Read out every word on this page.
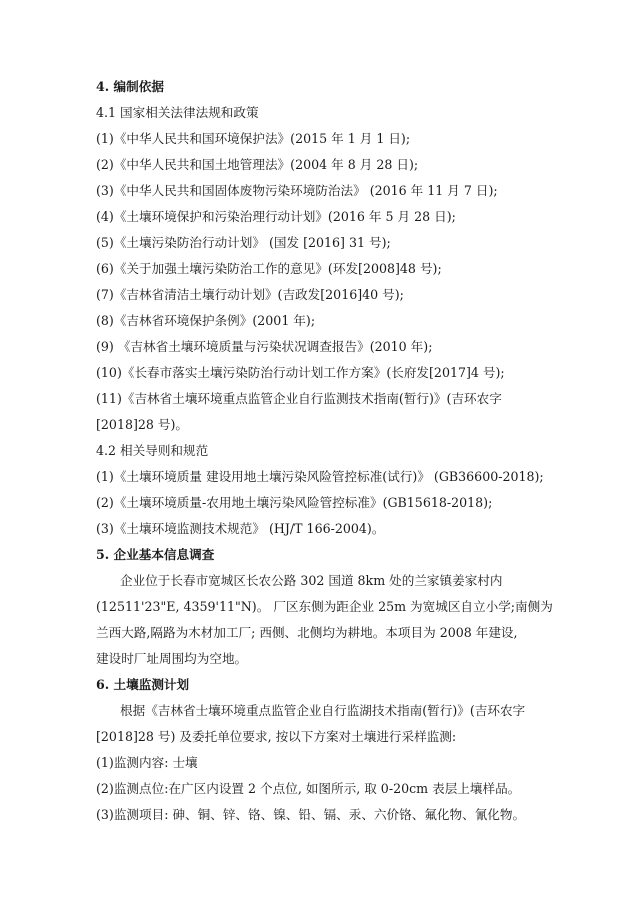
4. 编制依据
4.1 国家相关法律法规和政策
(1)《中华人民共和国环境保护法》(2015 年 1 月 1 日);
(2)《中华人民共和国土地管理法》(2004 年 8 月 28 日);
(3)《中华人民共和国固体废物污染环境防治法》 (2016 年 11 月 7 日);
(4)《土壤环境保护和污染治理行动计划》(2016 年 5 月 28 日);
(5)《土壤污染防治行动计划》 (国发 [2016] 31 号);
(6)《关于加强土壤污染防治工作的意见》(环发[2008]48 号);
(7)《吉林省清洁土壤行动计划》(吉政发[2016]40 号);
(8)《吉林省环境保护条例》(2001 年);
(9) 《吉林省土壤环境质量与污染状况调查报告》(2010 年);
(10)《长春市落实土壤污染防治行动计划工作方案》(长府发[2017]4 号);
(11)《吉林省土壤环境重点监管企业自行监测技术指南(暂行)》(吉环农字
[2018]28 号)。
4.2 相关导则和规范
(1)《土壤环境质量 建设用地土壤污染风险管控标准(试行)》 (GB36600-2018);
(2)《土壤环境质量-农用地土壤污染风险管控标准》(GB15618-2018);
(3)《土壤环境监测技术规范》 (HJ/T 166-2004)。
5. 企业基本信息调查
企业位于长春市宽城区长农公路 302 国道 8km 处的兰家镇姜家村内
(12511'23"E, 4359'11"N)。 厂区东侧为距企业 25m 为宽城区自立小学;南侧为
兰西大路,隔路为木材加工厂; 西侧、北侧均为耕地。本项目为 2008 年建设,
建设时厂址周围均为空地。
6. 土壤监测计划
根据《吉林省士壤环境重点监管企业自行监湖技术指南(暂行)》(吉环农字
[2018]28 号) 及委托单位要求, 按以下方案对土壤进行采样监测:
(1)监测内容: 士壤
(2)监测点位:在广区内设置 2 个点位, 如图所示, 取 0-20cm 表层上壤样品。
(3)监测项目: 砷、铜、锌、铬、镍、铅、镉、汞、六价铬、氟化物、氰化物。
